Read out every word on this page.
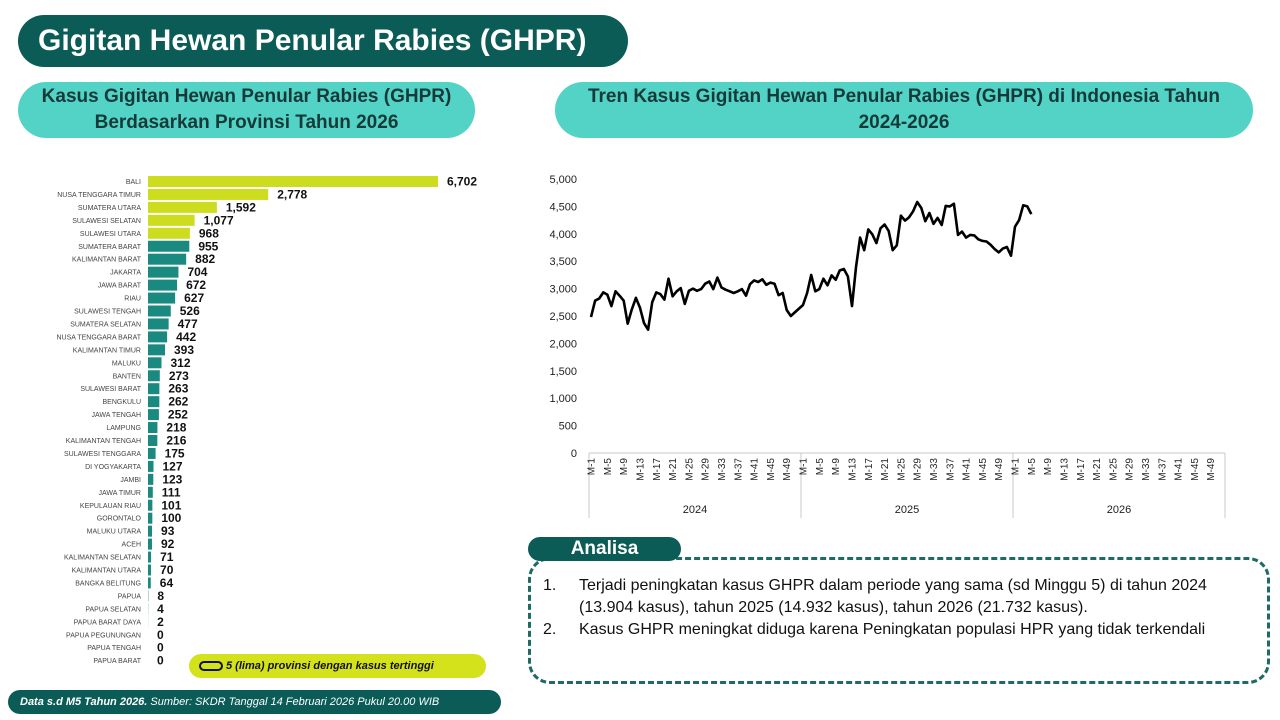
Gigitan Hewan Penular Rabies (GHPR)
Kasus Gigitan Hewan Penular Rabies (GHPR) Berdasarkan Provinsi Tahun 2026
Tren Kasus Gigitan Hewan Penular Rabies (GHPR) di Indonesia Tahun 2024-2026
BALI	6,702
NUSA TENGGARA TIMUR	2,778
SUMATERA UTARA	1,592
SULAWESI SELATAN	1,077
SULAWESI UTARA	968
SUMATERA BARAT	955
KALIMANTAN BARAT	882
JAKARTA	704
JAWA BARAT	672
RIAU	627
SULAWESI TENGAH	526
SUMATERA SELATAN	477
NUSA TENGGARA BARAT	442
KALIMANTAN TIMUR	393
MALUKU 312
BANTEN 273
SULAWESI BARAT 263
BENGKULU 262
JAWA TENGAH 252
LAMPUNG 218
KALIMANTAN TENGAH 216
SULAWESI TENGGARA 175
DI YOGYAKARTA 127
JAMBI 123
JAWA TIMUR 111
KEPULAUAN RIAU 101
GORONTALO 100
MALUKU UTARA 93
ACEH 92
KALIMANTAN SELATAN 71
KALIMANTAN UTARA 70
BANGKA BELITUNG 64
PAPUA 8
PAPUA SELATAN 4
PAPUA BARAT DAYA 2
PAPUA PEGUNUNGAN 0
PAPUA TENGAH 0
PAPUA BARAT 0
0
500
1,000
1,500
2,000
2,500
3,000
3,500
4,000
4,500
5,000
M-1 M-5 M-9 M-13 M-17 M-21 M-25 M-29 M-33 M-37 M-41 M-45 M-49
2024
M-1 M-5 M-9 M-13 M-17 M-21 M-25 M-29 M-33 M-37 M-41 M-45 M-49
2025
M-1 M-5 M-9 M-13 M-17 M-21 M-25 M-29 M-33 M-37 M-41 M-45 M-49
2026
5 (lima) provinsi dengan kasus tertinggi
Analisa
1.	Terjadi peningkatan kasus GHPR dalam periode yang sama (sd Minggu 5) di tahun 2024 (13.904 kasus), tahun 2025 (14.932 kasus), tahun 2026 (21.732 kasus).
2.	Kasus GHPR meningkat diduga karena Peningkatan populasi HPR yang tidak terkendali
Data s.d M5 Tahun 2026. Sumber: SKDR Tanggal 14 Februari 2026 Pukul 20.00 WIB
